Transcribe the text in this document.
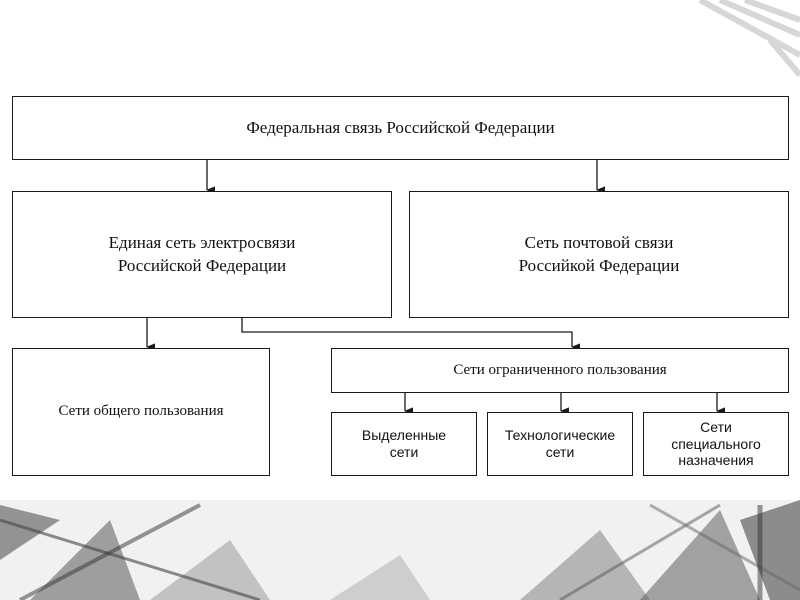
Федеральная связь Российской Федерации
Единая сеть электросвязи
Российской Федерации
Сеть почтовой связи
Российкой Федерации
Сети общего пользования
Сети ограниченного пользования
Выделенные
сети
Технологические
сети
Сети
специального
назначения
